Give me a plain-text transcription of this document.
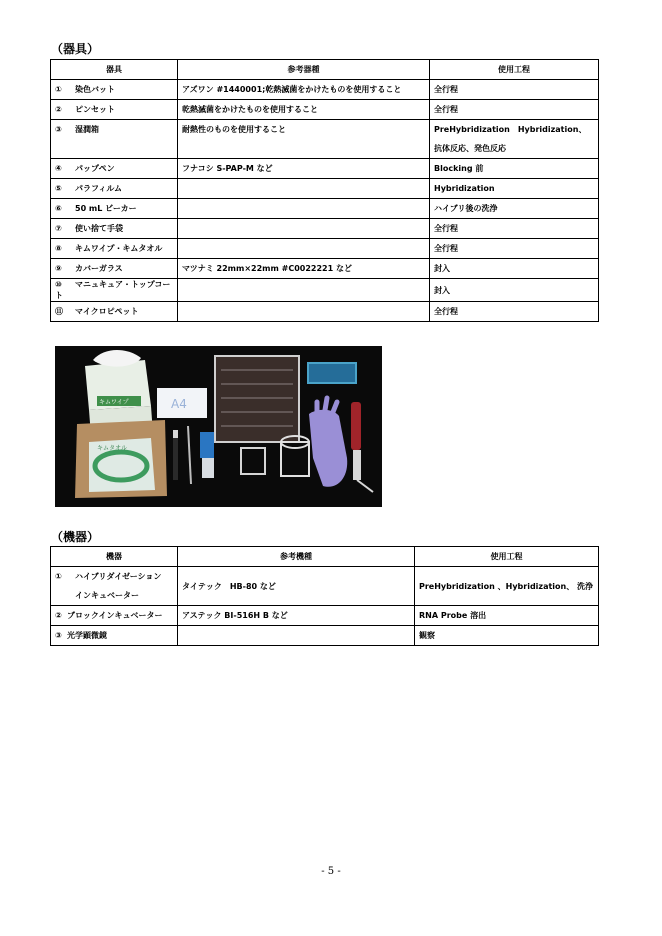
（器具）
器具	参考器種	使用工程
① 染色バット	アズワン #1440001;乾熱滅菌をかけたものを使用すること	全行程
② ピンセット	乾熱滅菌をかけたものを使用すること	全行程
③ 湿潤箱	耐熱性のものを使用すること	PreHybridization　Hybridization、
抗体反応、発色反応

④ パップペン	フナコシ S-PAP-M など	Blocking 前
⑤ パラフィルム		Hybridization
⑥ 50 mL ビーカー		ハイブリ後の洗浄
⑦ 使い捨て手袋		全行程
⑧ キムワイプ・キムタオル		全行程
⑨ カバーガラス	マツナミ 22mm×22mm #C0022221 など	封入
⑩ マニュキュア・トップコート		封入
⑪ マイクロピペット		全行程
キムワイプ
キムタオル
A4
（機器）
機器	参考機種	使用工程

① ハイブリダイゼーション
インキュベーター	タイテック　HB-80 など	PreHybridization 、Hybridization、 洗浄
② ブロックインキュベーター	アステック BI-516H B など	RNA Probe 溶出
③ 光学顕微鏡		観察
- 5 -
